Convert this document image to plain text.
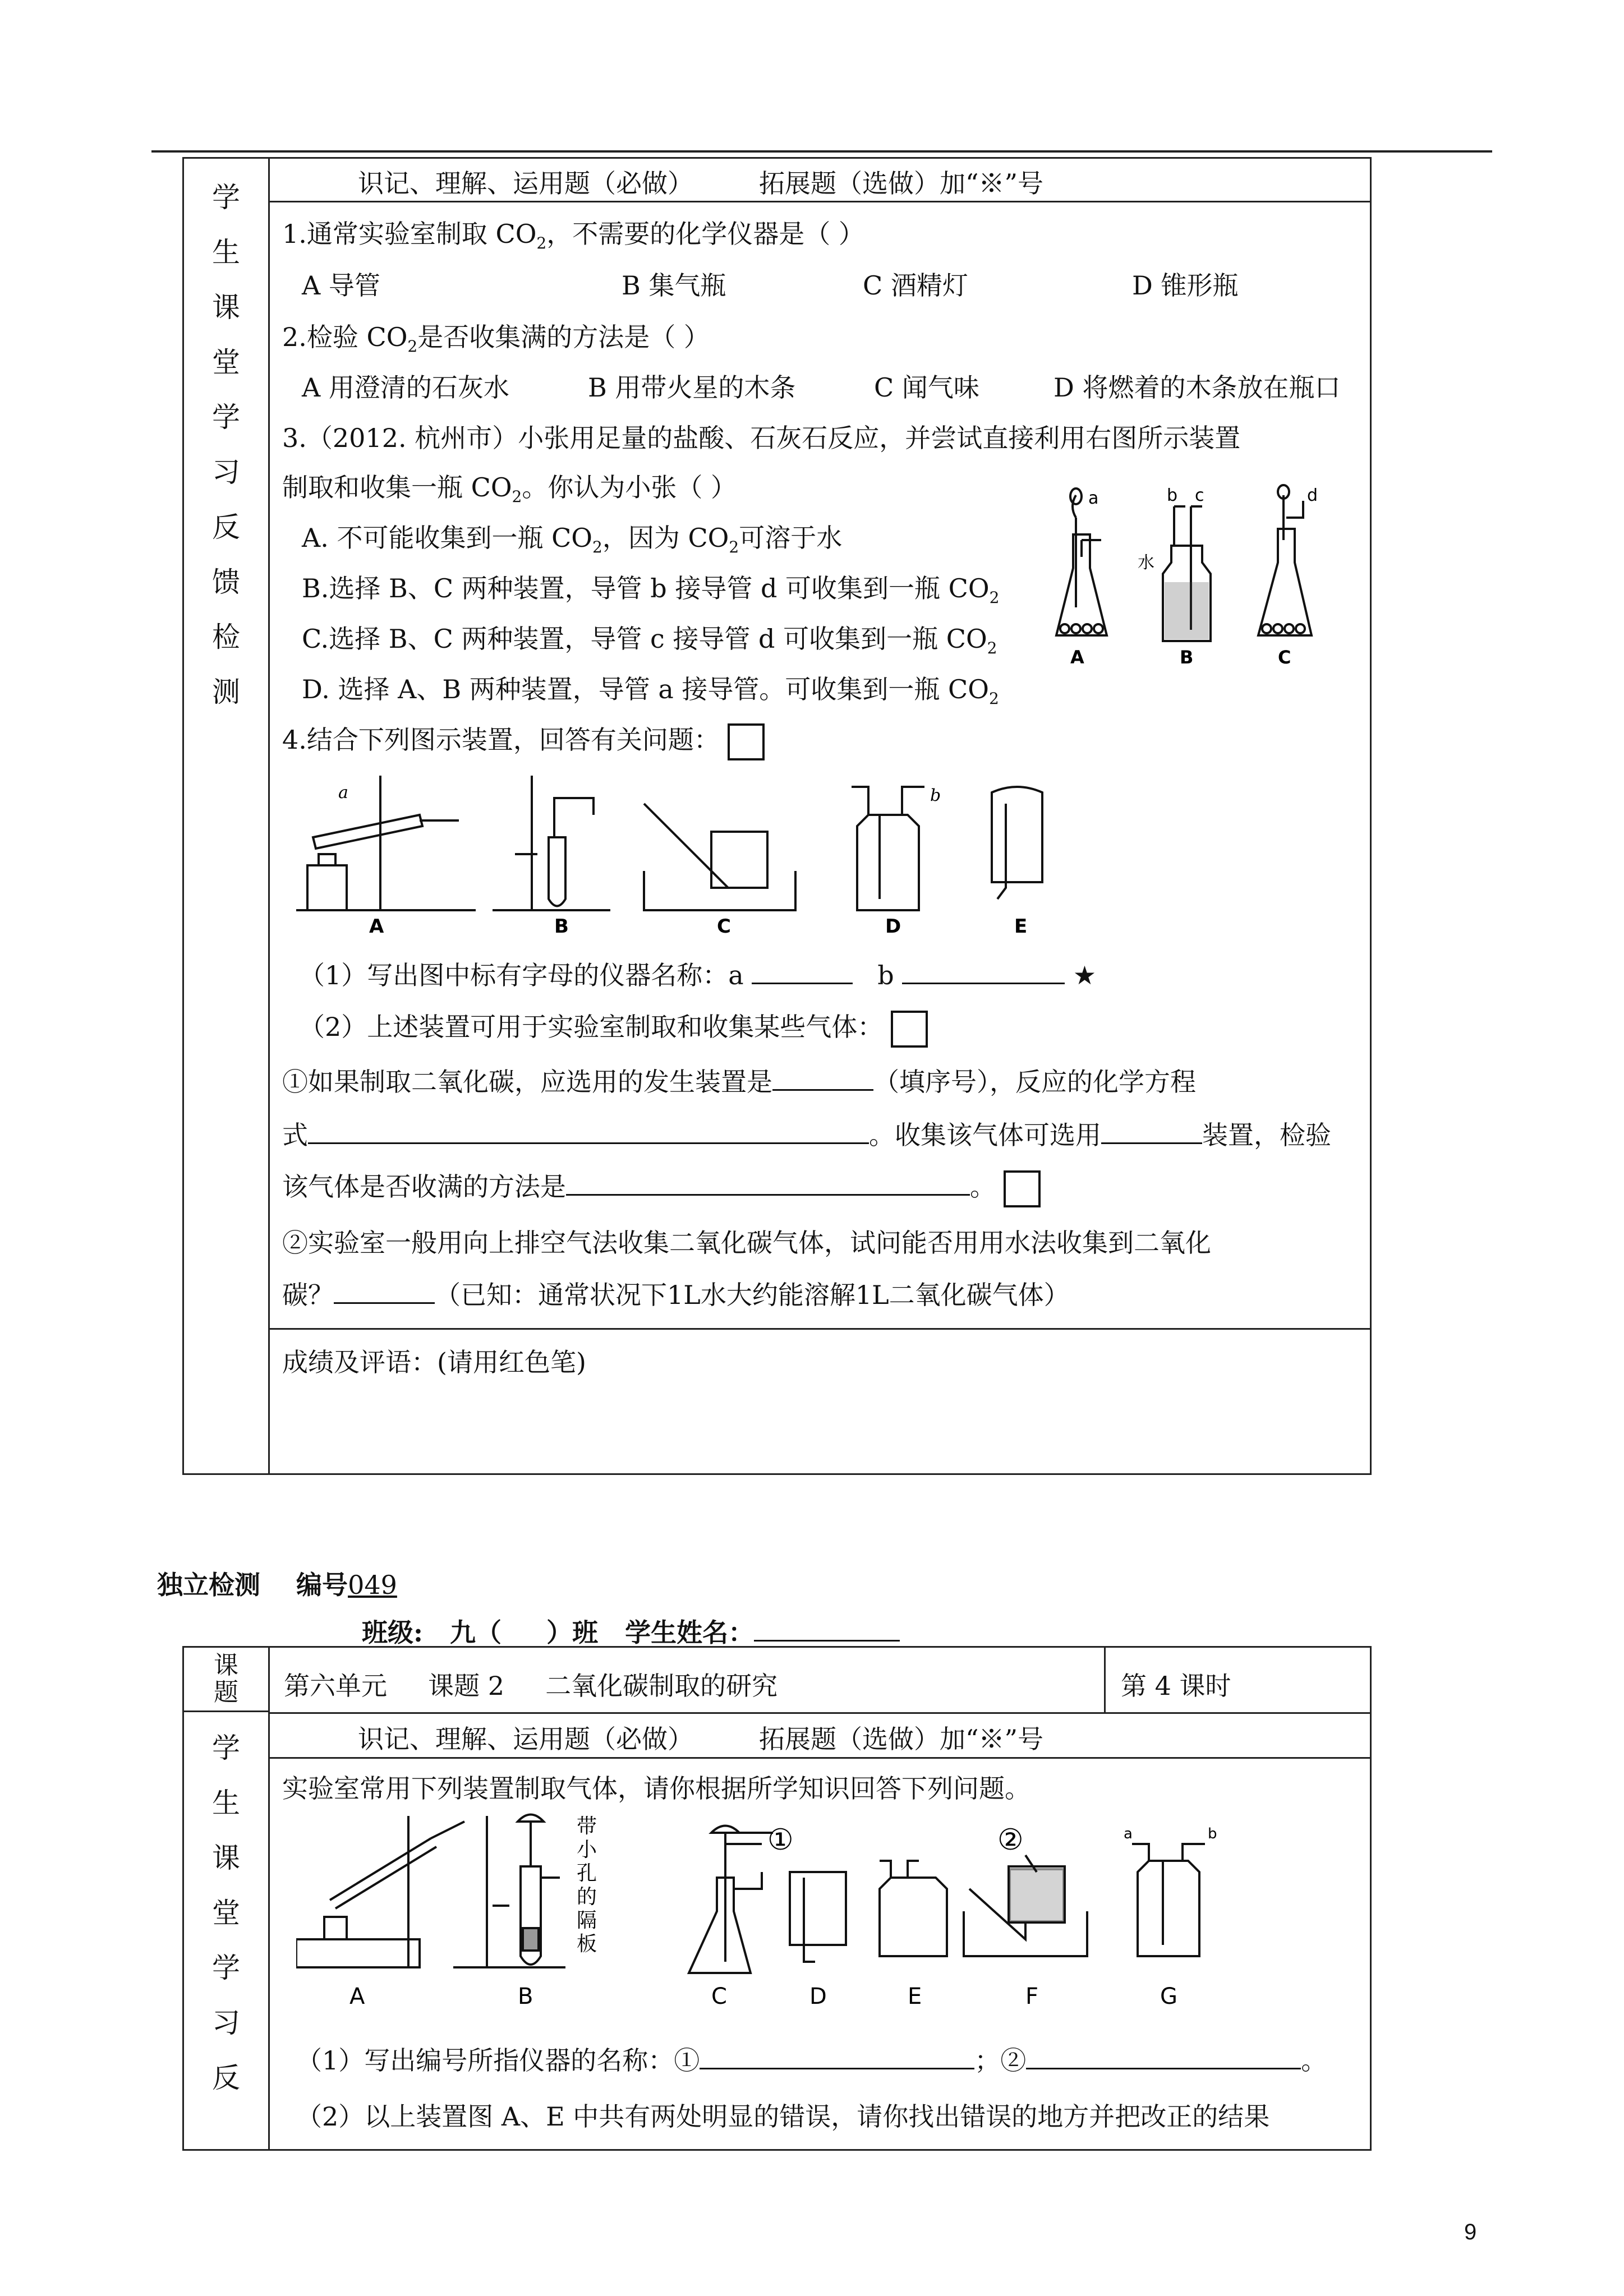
学
生
课
堂
学
习
反
馈
检
测
识记、理解、运用题（必做）        拓展题（选做）加“※”号
1.通常实验室制取 $CO_2$，不需要的化学仪器是（ ）
A 导管	B 集气瓶	C 酒精灯	D 锥形瓶
2.检验 $CO_2$是否收集满的方法是（ ）
A 用澄清的石灰水	B 用带火星的木条	C 闻气味	D 将燃着的木条放在瓶口
3.（2012. 杭州市）小张用足量的盐酸、石灰石反应，并尝试直接利用右图所示装置
制取和收集一瓶 $CO_2$。你认为小张（ ）
A. 不可能收集到一瓶 $CO_2$，因为 $CO_2$可溶于水
B.选择 B、C 两种装置，导管 b 接导管 d 可收集到一瓶 $CO_2$
C.选择 B、C 两种装置，导管 c 接导管 d 可收集到一瓶 $CO_2$
D. 选择 A、B 两种装置，导管 a 接导管。可收集到一瓶 $CO_2$
a	b c	d
水
A	B	C
4.结合下列图示装置，回答有关问题：
a	b
A	B	C	D	E
（1）写出图中标有字母的仪器名称：a	b	★
（2）上述装置可用于实验室制取和收集某些气体：
①如果制取二氧化碳，应选用的发生装置是	（填序号），反应的化学方程
式	。收集该气体可选用	装置，检验
该气体是否收满的方法是	。
②实验室一般用向上排空气法收集二氧化碳气体，试问能否用用水法收集到二氧化
碳？	（已知：通常状况下1L水大约能溶解1L二氧化碳气体）
成绩及评语：(请用红色笔)
独立检测    编号049
班级:   九（     ）班   学生姓名：
课
题
学
生
课
堂
学
习
反
第六单元     课题 2     二氧化碳制取的研究	第 4 课时
识记、理解、运用题（必做）        拓展题（选做）加“※”号
实验室常用下列装置制取气体，请你根据所学知识回答下列问题。
A	B	C	D	E	F	G
①	②	a	b
带
小
孔
的
隔
板
（1）写出编号所指仪器的名称：①	；②	。
（2）以上装置图 A、E 中共有两处明显的错误，请你找出错误的地方并把改正的结果
9
